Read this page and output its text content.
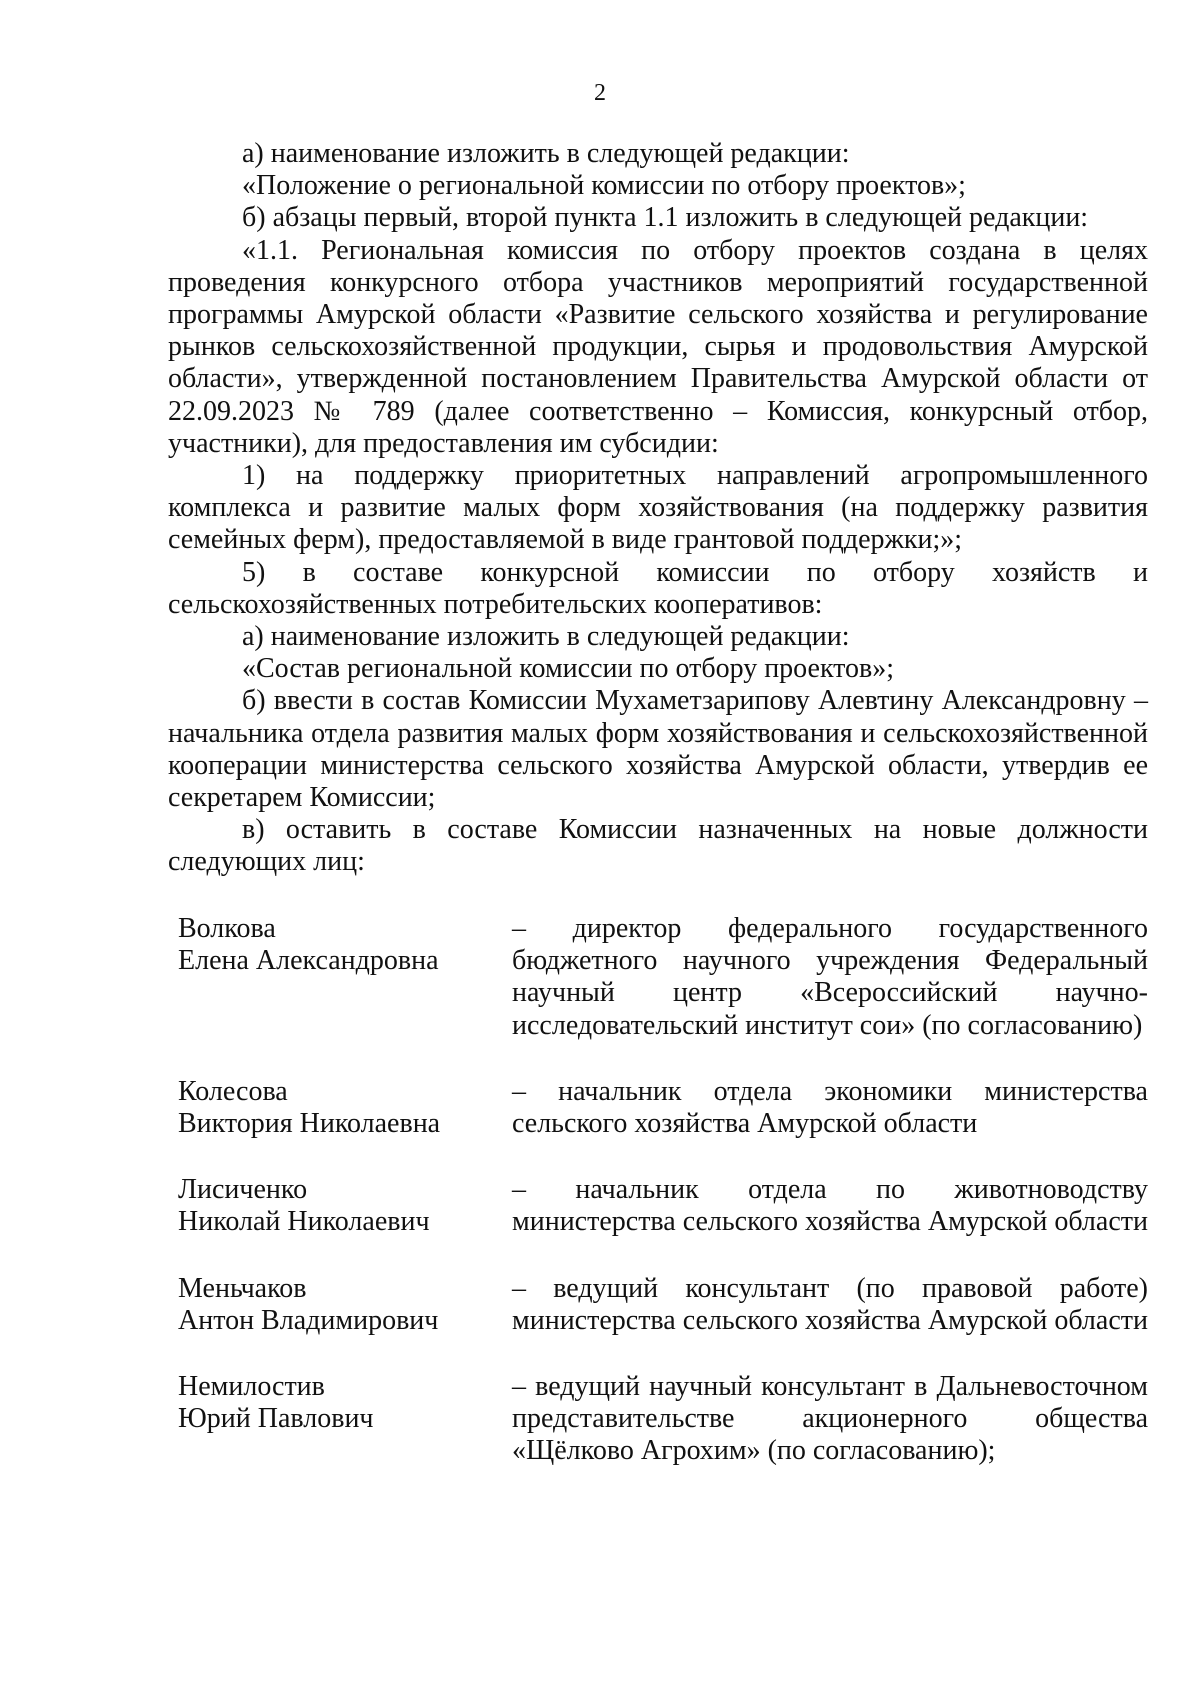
2

а) наименование изложить в следующей редакции:

«Положение о региональной комиссии по отбору проектов»;

б) абзацы первый, второй пункта 1.1 изложить в следующей редакции:

«1.1. Региональная комиссия по отбору проектов создана в целях проведения конкурсного отбора участников мероприятий государственной программы Амурской области «Развитие сельского хозяйства и регулирование рынков сельскохозяйственной продукции, сырья и продовольствия Амурской области», утвержденной постановлением Правительства Амурской области от 22.09.2023 № 789 (далее соответственно – Комиссия, конкурсный отбор, участники), для предоставления им субсидии:

1) на поддержку приоритетных направлений агропромышленного комплекса и развитие малых форм хозяйствования (на поддержку развития семейных ферм), предоставляемой в виде грантовой поддержки;»;

5) в составе конкурсной комиссии по отбору хозяйств и сельскохозяйственных потребительских кооперативов:

а) наименование изложить в следующей редакции:

«Состав региональной комиссии по отбору проектов»;

б) ввести в состав Комиссии Мухаметзарипову Алевтину Александровну – начальника отдела развития малых форм хозяйствования и сельскохозяйственной кооперации министерства сельского хозяйства Амурской области, утвердив ее секретарем Комиссии;

в) оставить в составе Комиссии назначенных на новые должности следующих лиц:

Волкова
Елена Александровна
– директор федерального государственного бюджетного научного учреждения Федеральный научный центр «Всероссийский научно-исследовательский институт сои» (по согласованию)
Колесова
Виктория Николаевна
– начальник отдела экономики министерства сельского хозяйства Амурской области
Лисиченко
Николай Николаевич
– начальник отдела по животноводству министерства сельского хозяйства Амурской области
Меньчаков
Антон Владимирович
– ведущий консультант (по правовой работе) министерства сельского хозяйства Амурской области
Немилостив
Юрий Павлович
– ведущий научный консультант в Дальневосточном представительстве акционерного общества «Щёлково Агрохим» (по согласованию);
